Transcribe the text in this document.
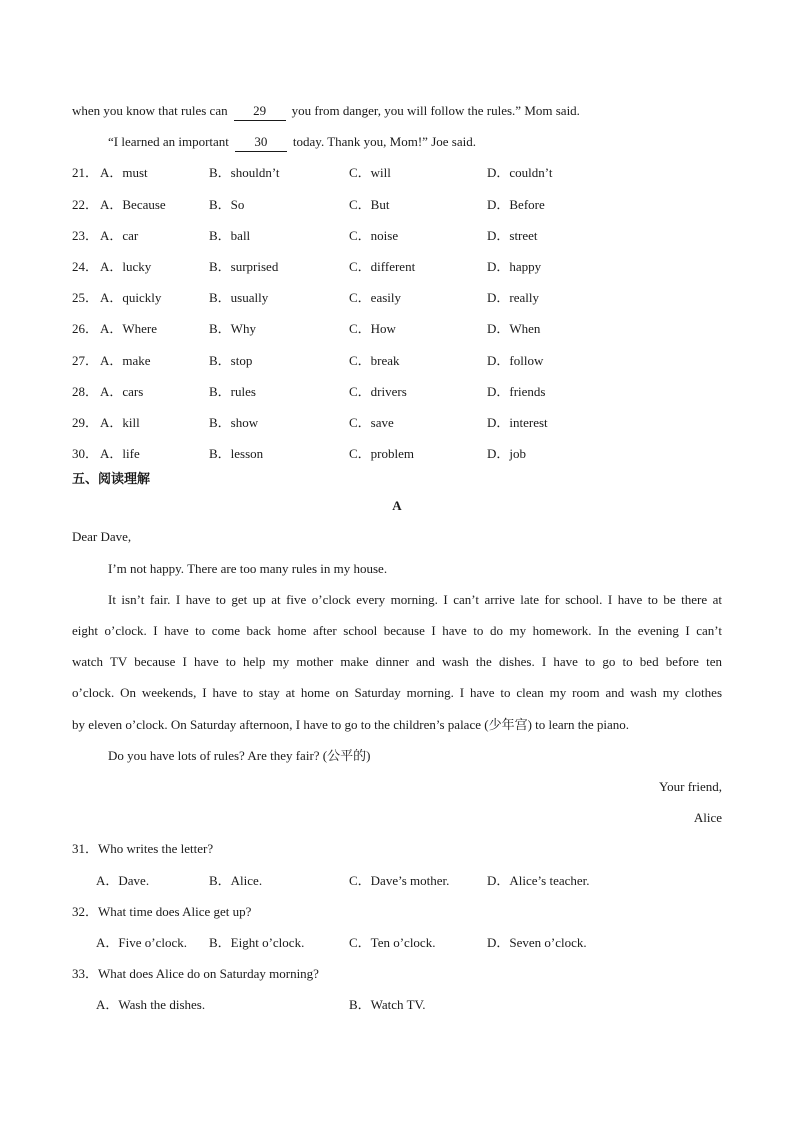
when you know that rules can 29 you from danger, you will follow the rules.” Mom said.
“I learned an important 30 today. Thank you, Mom!” Joe said.
21． A．must	B．shouldn’t	C．will	D．couldn’t
22． A．Because	B．So	C．But	D．Before
23． A．car	B．ball	C．noise	D．street
24． A．lucky	B．surprised	C．different	D．happy
25． A．quickly	B．usually	C．easily	D．really
26． A．Where	B．Why	C．How	D．When
27． A．make	B．stop	C．break	D．follow
28． A．cars	B．rules	C．drivers	D．friends
29． A．kill	B．show	C．save	D．interest
30． A．life	B．lesson	C．problem	D．job
五、阅读理解
A
Dear Dave,
I’m not happy. There are too many rules in my house.
It isn’t fair. I have to get up at five o’clock every morning. I can’t arrive late for school. I have to be there at
eight o’clock. I have to come back home after school because I have to do my homework. In the evening I can’t
watch TV because I have to help my mother make dinner and wash the dishes. I have to go to bed before ten
o’clock. On weekends, I have to stay at home on Saturday morning. I have to clean my room and wash my clothes
by eleven o’clock. On Saturday afternoon, I have to go to the children’s palace (少年宫) to learn the piano.
Do you have lots of rules? Are they fair? (公平的)
Your friend,
Alice
31．Who writes the letter?
A．Dave.	B．Alice.	C．Dave’s mother.	D．Alice’s teacher.
32．What time does Alice get up?
A．Five o’clock. B．Eight o’clock.	C．Ten o’clock.	D．Seven o’clock.
33．What does Alice do on Saturday morning?
A．Wash the dishes.	B．Watch TV.
